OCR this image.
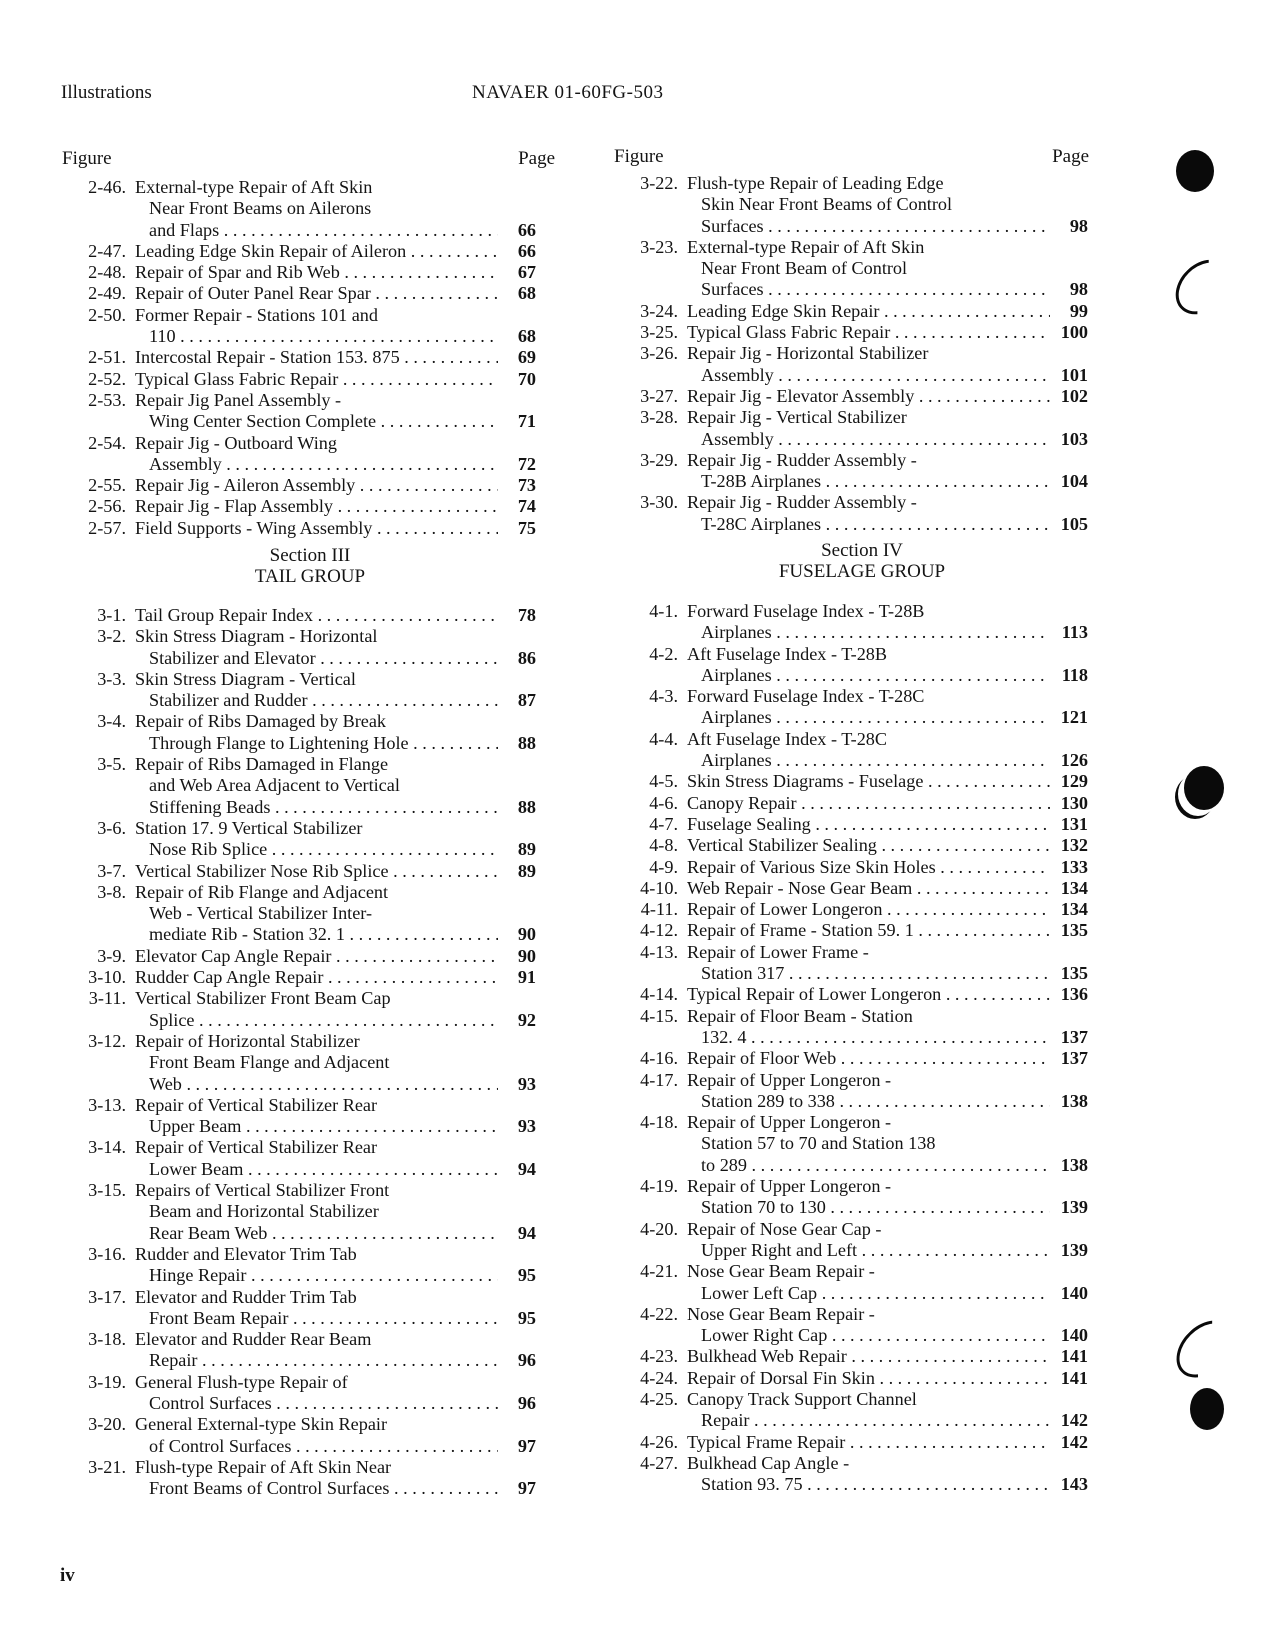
Illustrations	NAVAER 01-60FG-503
Figure	Page
2-46. External-type Repair of Aft Skin
Near Front Beams on Ailerons
and Flaps . . .	66
2-47. Leading Edge Skin Repair of Aileron . . . .	66
2-48. Repair of Spar and Rib Web . . .	67
2-49. Repair of Outer Panel Rear Spar . . .	68
2-50. Former Repair - Stations 101 and
110 . . .	68
2-51. Intercostal Repair - Station 153. 875 . . . .	69
2-52. Typical Glass Fabric Repair . . .	70
2-53. Repair Jig Panel Assembly -
Wing Center Section Complete . . .	71
2-54. Repair Jig - Outboard Wing
Assembly . . .	72
2-55. Repair Jig - Aileron Assembly . . .	73
2-56. Repair Jig - Flap Assembly . . .	74
2-57. Field Supports - Wing Assembly . . .	75
Section III
TAIL GROUP
3-1. Tail Group Repair Index . . .	78
3-2. Skin Stress Diagram - Horizontal
Stabilizer and Elevator . . .	86
3-3. Skin Stress Diagram - Vertical
Stabilizer and Rudder . . .	87
3-4. Repair of Ribs Damaged by Break
Through Flange to Lightening Hole . . . .	88
3-5. Repair of Ribs Damaged in Flange
and Web Area Adjacent to Vertical
Stiffening Beads . . .	88
3-6. Station 17. 9 Vertical Stabilizer
Nose Rib Splice . . .	89
3-7. Vertical Stabilizer Nose Rib Splice . . . . .	89
3-8. Repair of Rib Flange and Adjacent
Web - Vertical Stabilizer Inter-
mediate Rib - Station 32. 1 . . .	90
3-9. Elevator Cap Angle Repair . . .	90
3-10. Rudder Cap Angle Repair . . .	91
3-11. Vertical Stabilizer Front Beam Cap
Splice . . .	92
3-12. Repair of Horizontal Stabilizer
Front Beam Flange and Adjacent
Web . . .	93
3-13. Repair of Vertical Stabilizer Rear
Upper Beam . . .	93
3-14. Repair of Vertical Stabilizer Rear
Lower Beam . . .	94
3-15. Repairs of Vertical Stabilizer Front
Beam and Horizontal Stabilizer
Rear Beam Web . . .	94
3-16. Rudder and Elevator Trim Tab
Hinge Repair . . .	95
3-17. Elevator and Rudder Trim Tab
Front Beam Repair . . .	95
3-18. Elevator and Rudder Rear Beam
Repair . . .	96
3-19. General Flush-type Repair of
Control Surfaces . . .	96
3-20. General External-type Skin Repair
of Control Surfaces . . .	97
3-21. Flush-type Repair of Aft Skin Near
Front Beams of Control Surfaces . . . . .	97
Figure	Page
3-22. Flush-type Repair of Leading Edge
Skin Near Front Beams of Control
Surfaces . . .	98
3-23. External-type Repair of Aft Skin
Near Front Beam of Control
Surfaces . . .	98
3-24. Leading Edge Skin Repair . . .	99
3-25. Typical Glass Fabric Repair . . .	100
3-26. Repair Jig - Horizontal Stabilizer
Assembly . . .	101
3-27. Repair Jig - Elevator Assembly . . .	102
3-28. Repair Jig - Vertical Stabilizer
Assembly . . .	103
3-29. Repair Jig - Rudder Assembly -
T-28B Airplanes . . .	104
3-30. Repair Jig - Rudder Assembly -
T-28C Airplanes . . .	105
Section IV
FUSELAGE GROUP
4-1. Forward Fuselage Index - T-28B
Airplanes . . .	113
4-2. Aft Fuselage Index - T-28B
Airplanes . . .	118
4-3. Forward Fuselage Index - T-28C
Airplanes . . .	121
4-4. Aft Fuselage Index - T-28C
Airplanes . . .	126
4-5. Skin Stress Diagrams - Fuselage . . .	129
4-6. Canopy Repair . . .	130
4-7. Fuselage Sealing . . .	131
4-8. Vertical Stabilizer Sealing . . .	132
4-9. Repair of Various Size Skin Holes . . .	133
4-10. Web Repair - Nose Gear Beam . . .	134
4-11. Repair of Lower Longeron . . .	134
4-12. Repair of Frame - Station 59. 1 . . .	135
4-13. Repair of Lower Frame -
Station 317 . . .	135
4-14. Typical Repair of Lower Longeron . . . . .	136
4-15. Repair of Floor Beam - Station
132. 4 . . .	137
4-16. Repair of Floor Web . . .	137
4-17. Repair of Upper Longeron -
Station 289 to 338 . . .	138
4-18. Repair of Upper Longeron -
Station 57 to 70 and Station 138
to 289 . . .	138
4-19. Repair of Upper Longeron -
Station 70 to 130 . . .	139
4-20. Repair of Nose Gear Cap -
Upper Right and Left . . .	139
4-21. Nose Gear Beam Repair -
Lower Left Cap . . .	140
4-22. Nose Gear Beam Repair -
Lower Right Cap . . .	140
4-23. Bulkhead Web Repair . . .	141
4-24. Repair of Dorsal Fin Skin . . .	141
4-25. Canopy Track Support Channel
Repair . . .	142
4-26. Typical Frame Repair . . .	142
4-27. Bulkhead Cap Angle -
Station 93. 75 . . .	143
iv
